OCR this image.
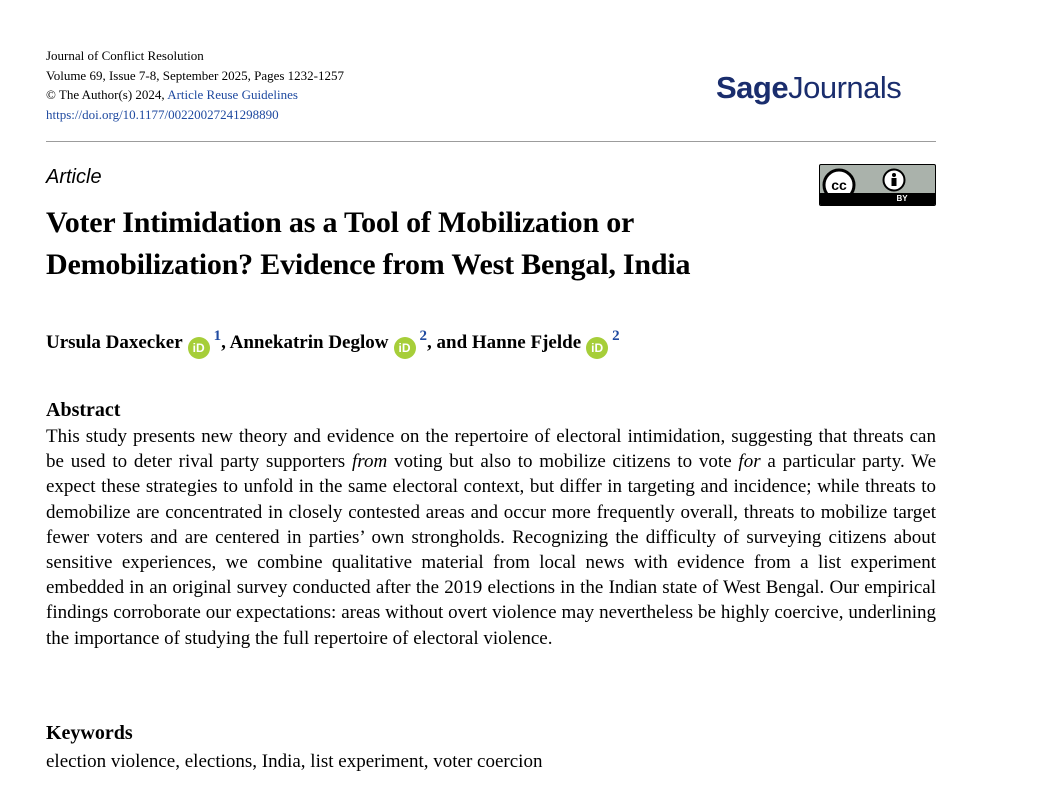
Journal of Conflict Resolution
Volume 69, Issue 7-8, September 2025, Pages 1232-1257
© The Author(s) 2024, Article Reuse Guidelines
https://doi.org/10.1177/00220027241298890
SageJournals
Article	cc
BY
Voter Intimidation as a Tool of Mobilization or Demobilization? Evidence from West Bengal, India
Ursula Daxecker iD$^1$, Annekatrin Deglow iD$^2$, and Hanne Fjelde iD$^2$
Abstract

This study presents new theory and evidence on the repertoire of electoral intimidation, suggesting that threats can be used to deter rival party supporters from voting but also to mobilize citizens to vote for a particular party. We expect these strategies to unfold in the same electoral context, but differ in targeting and incidence; while threats to demobilize are concentrated in closely contested areas and occur more frequently overall, threats to mobilize target fewer voters and are centered in parties’ own strongholds. Recognizing the difficulty of surveying citizens about sensitive experiences, we combine qualitative material from local news with evidence from a list experiment embedded in an original survey conducted after the 2019 elections in the Indian state of West Bengal. Our empirical findings corroborate our expectations: areas without overt violence may nevertheless be highly coercive, underlining the importance of studying the full repertoire of electoral violence.

Keywords
election violence, elections, India, list experiment, voter coercion
